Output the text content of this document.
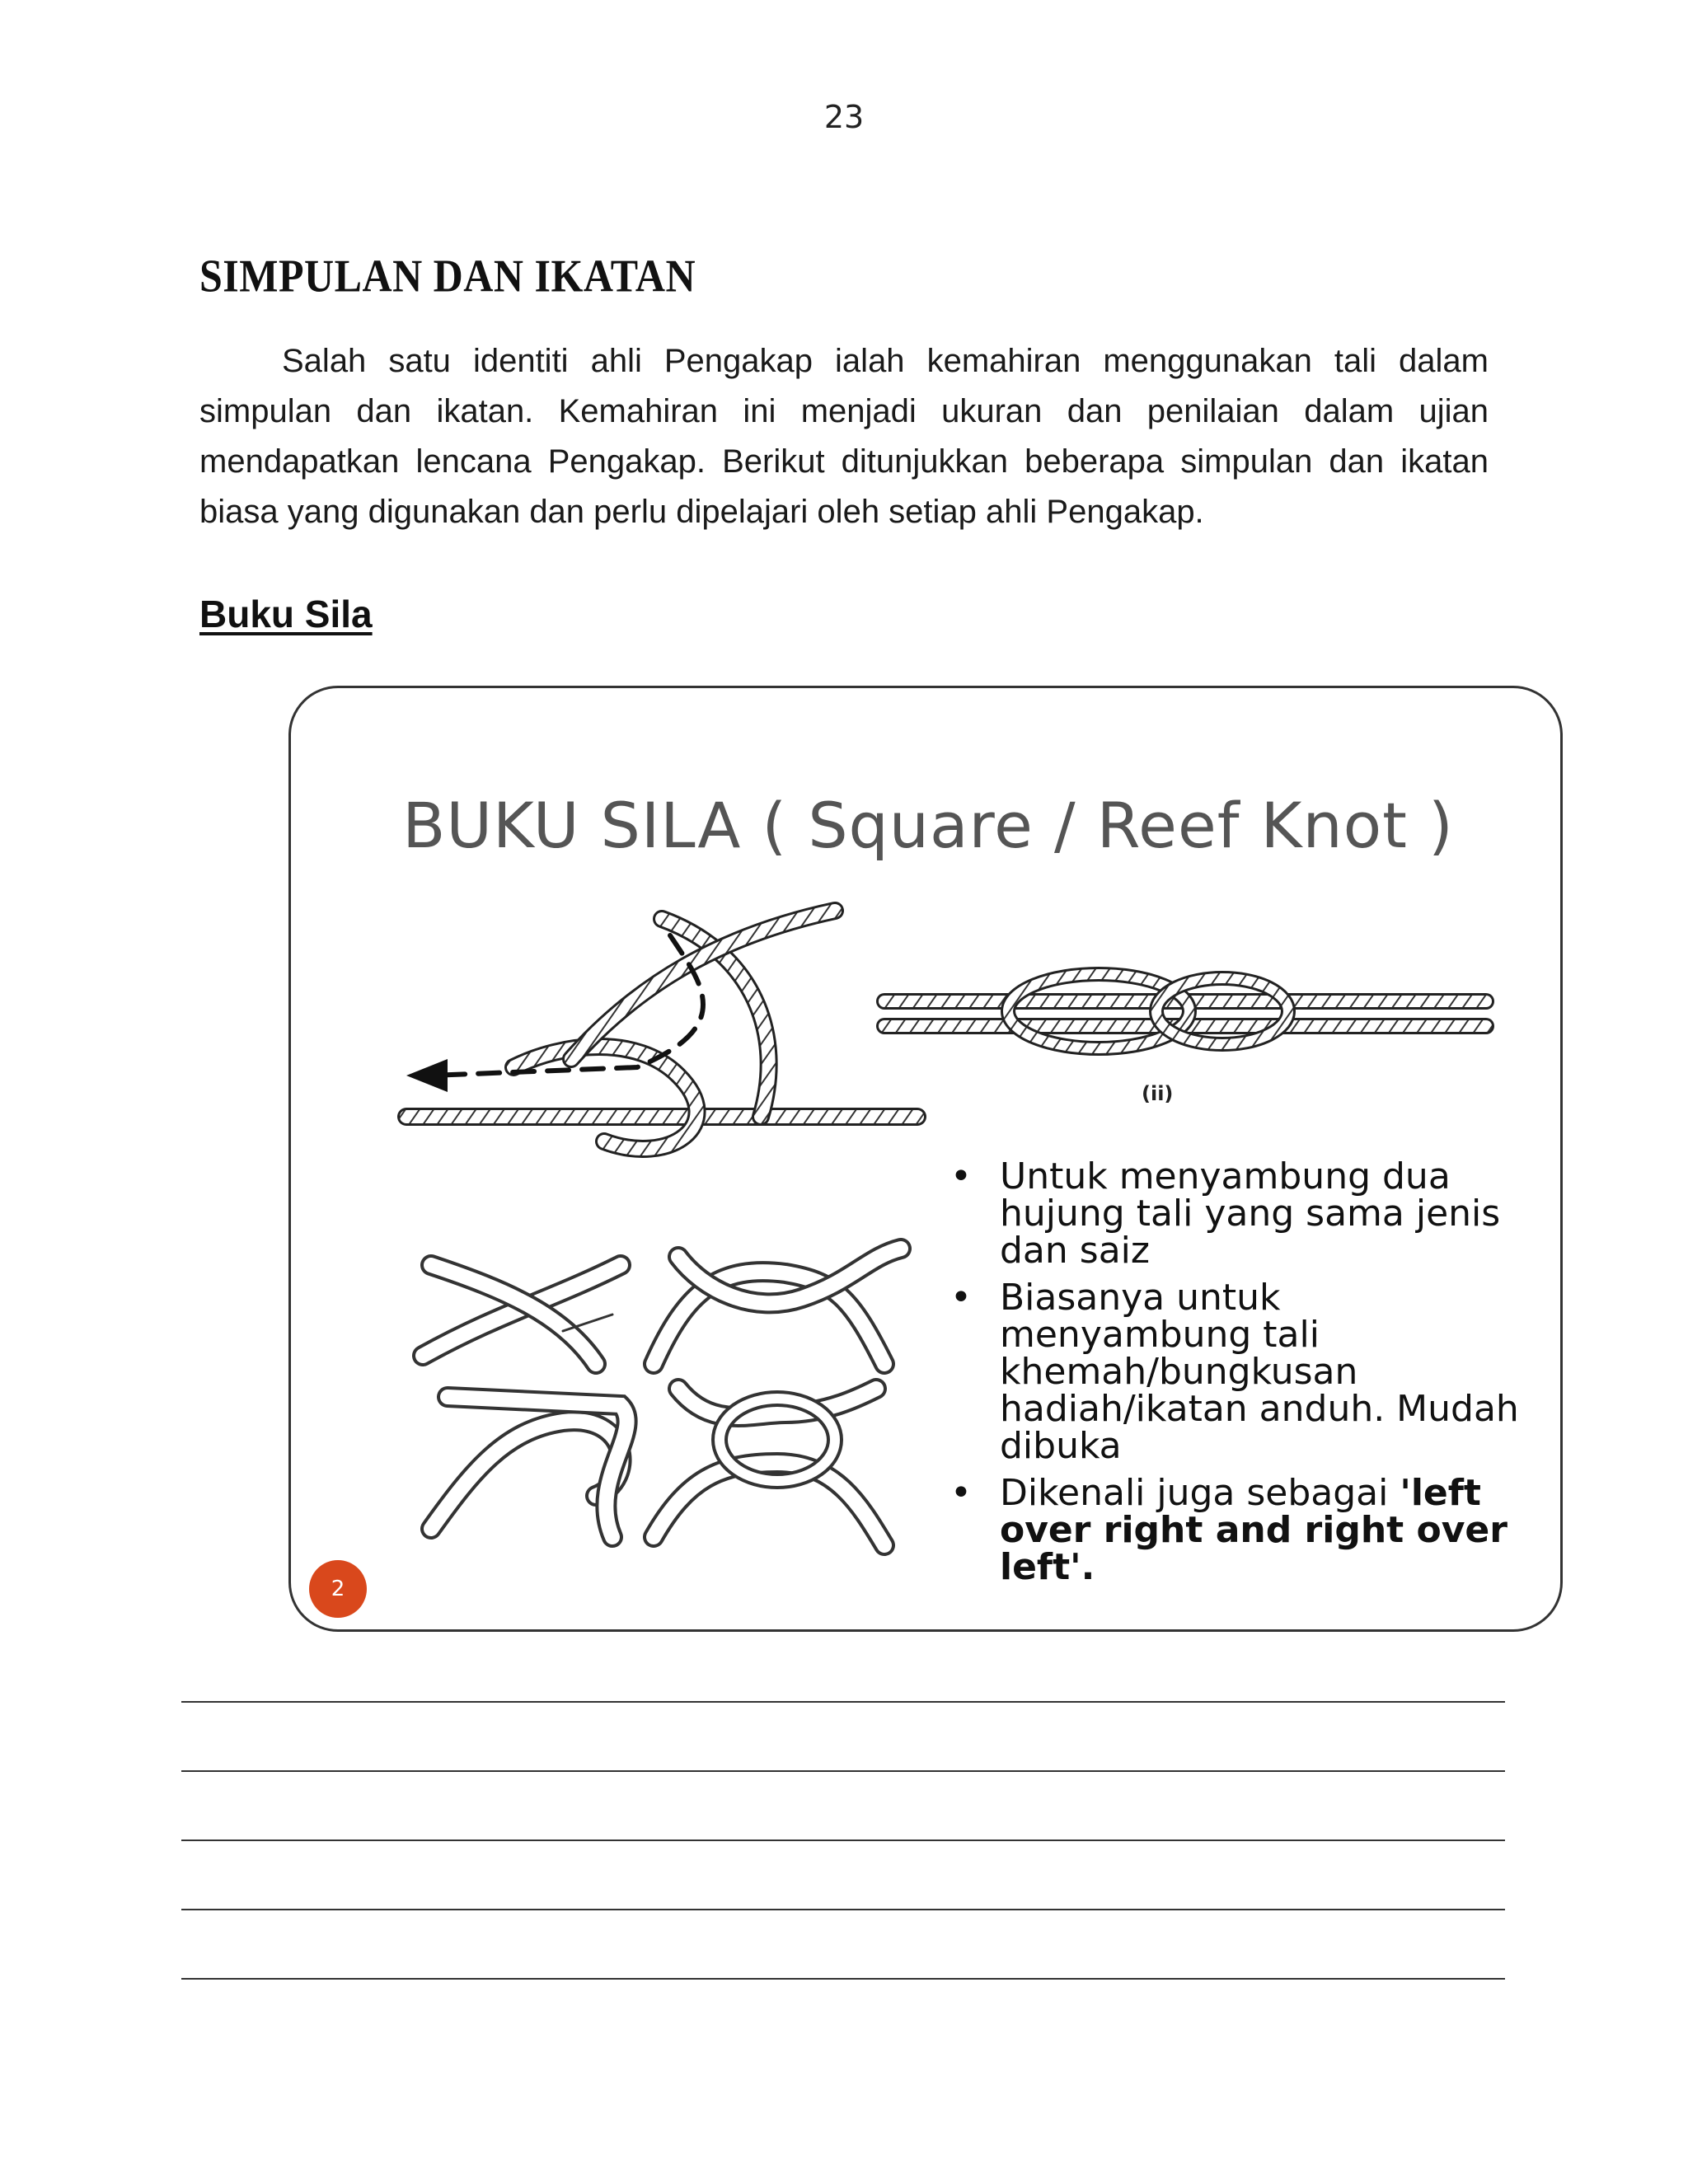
23
SIMPULAN DAN IKATAN
Salah satu identiti ahli Pengakap ialah kemahiran menggunakan tali dalam simpulan dan ikatan. Kemahiran ini menjadi ukuran dan penilaian dalam ujian mendapatkan lencana Pengakap. Berikut ditunjukkan beberapa simpulan dan ikatan biasa yang digunakan dan perlu dipelajari oleh setiap ahli Pengakap.
Buku Sila
BUKU SILA ( Square / Reef Knot )
(ii)
• Untuk menyambung dua hujung tali yang sama jenis dan saiz
• Biasanya untuk menyambung tali khemah/bungkusan hadiah/ikatan anduh. Mudah dibuka
• Dikenali juga sebagai 'left over right and right over left'.
2
